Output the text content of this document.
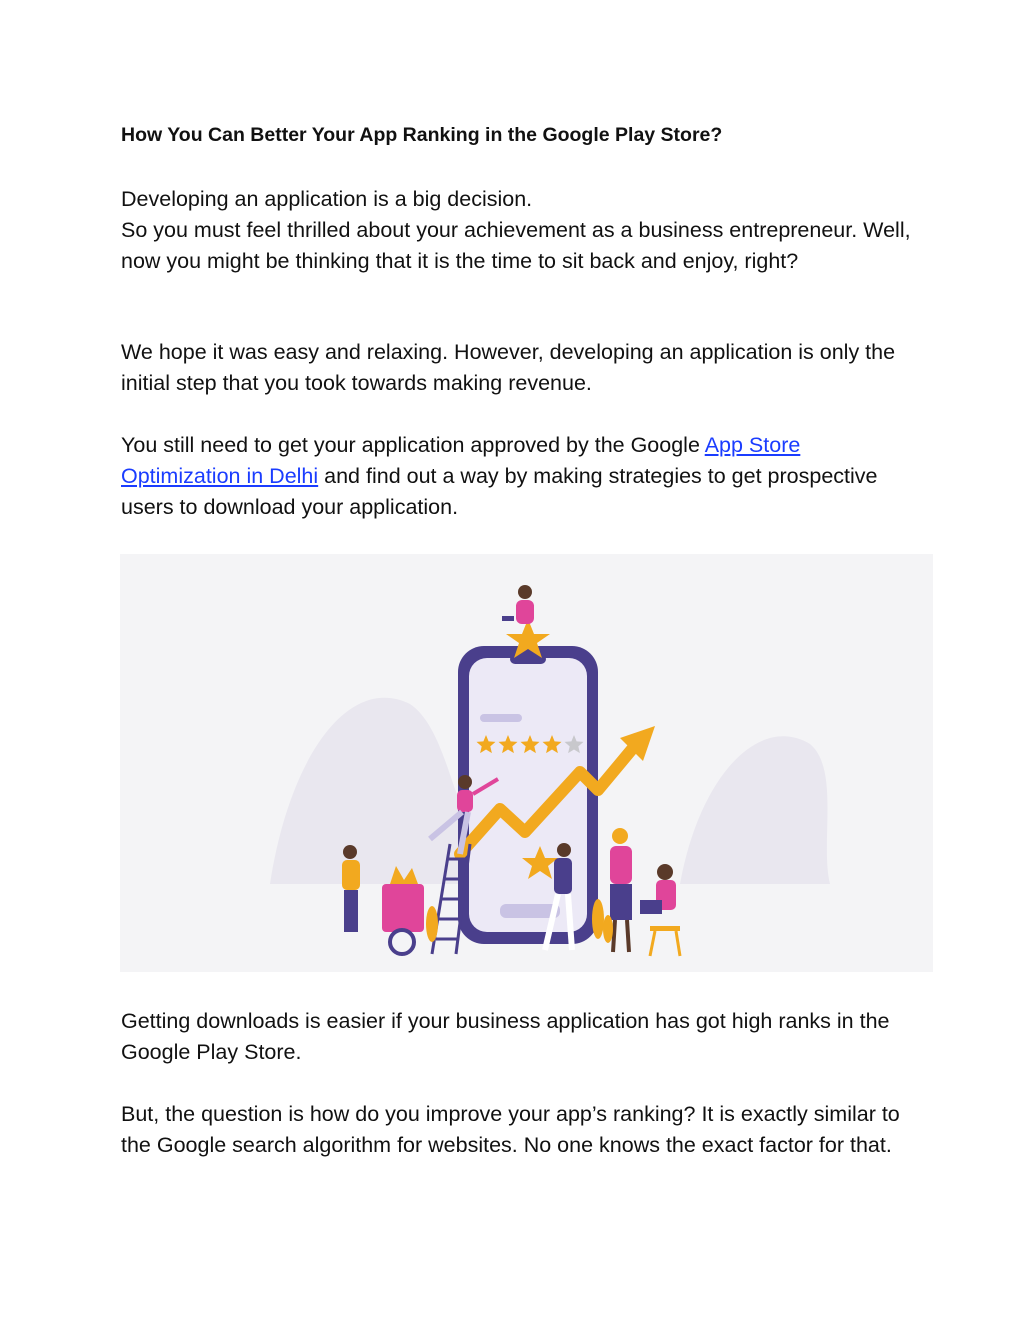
How You Can Better Your App Ranking in the Google Play Store?

Developing an application is a big decision.
So you must feel thrilled about your achievement as a business entrepreneur. Well, now you might be thinking that it is the time to sit back and enjoy, right?

We hope it was easy and relaxing. However, developing an application is only the initial step that you took towards making revenue.

You still need to get your application approved by the Google App Store Optimization in Delhi and find out a way by making strategies to get prospective users to download your application.

Getting downloads is easier if your business application has got high ranks in the Google Play Store.

But, the question is how do you improve your app’s ranking? It is exactly similar to the Google search algorithm for websites. No one knows the exact factor for that.
